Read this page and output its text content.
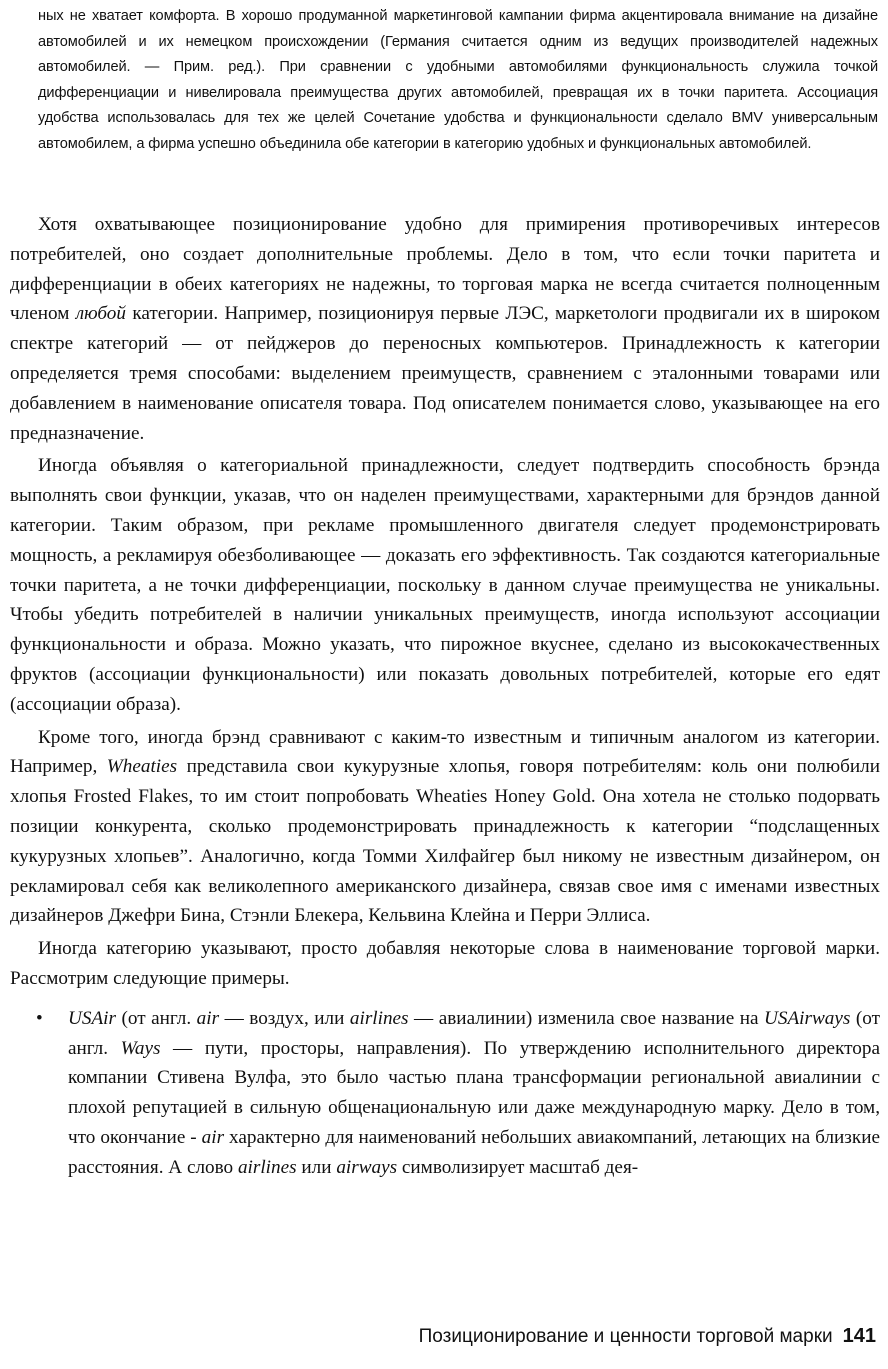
ных не хватает комфорта. В хорошо продуманной маркетинговой кампании фирма акцентировала внимание на дизайне автомобилей и их немецком происхождении (Германия считается одним из ведущих производителей надежных автомобилей. — Прим. ред.). При сравнении с удобными автомобилями функциональность служила точкой дифференциации и нивелировала преимущества других автомобилей, превращая их в точки паритета. Ассоциация удобства использовалась для тех же целей Сочетание удобства и функциональности сделало BMV универсальным автомобилем, а фирма успешно объединила обе категории в категорию удобных и функциональных автомобилей.

Хотя охватывающее позиционирование удобно для примирения противоречивых интересов потребителей, оно создает дополнительные проблемы. Дело в том, что если точки паритета и дифференциации в обеих категориях не надежны, то торговая марка не всегда считается полноценным членом любой категории. Например, позиционируя первые ЛЭС, маркетологи продвигали их в широком спектре категорий — от пейджеров до переносных компьютеров. Принадлежность к категории определяется тремя способами: выделением преимуществ, сравнением с эталонными товарами или добавлением в наименование описателя товара. Под описателем понимается слово, указывающее на его предназначение.

Иногда объявляя о категориальной принадлежности, следует подтвердить способность брэнда выполнять свои функции, указав, что он наделен преимуществами, характерными для брэндов данной категории. Таким образом, при рекламе промышленного двигателя следует продемонстрировать мощность, а рекламируя обезболивающее — доказать его эффективность. Так создаются категориальные точки паритета, а не точки дифференциации, поскольку в данном случае преимущества не уникальны. Чтобы убедить потребителей в наличии уникальных преимуществ, иногда используют ассоциации функциональности и образа. Можно указать, что пирожное вкуснее, сделано из высококачественных фруктов (ассоциации функциональности) или показать довольных потребителей, которые его едят (ассоциации образа).

Кроме того, иногда брэнд сравнивают с каким-то известным и типичным аналогом из категории. Например, Wheaties представила свои кукурузные хлопья, говоря потребителям: коль они полюбили хлопья Frosted Flakes, то им стоит попробовать Wheaties Honey Gold. Она хотела не столько подорвать позиции конкурента, сколько продемонстрировать принадлежность к категории “подслащенных кукурузных хлопьев”. Аналогично, когда Томми Хилфайгер был никому не известным дизайнером, он рекламировал себя как великолепного американского дизайнера, связав свое имя с именами известных дизайнеров Джефри Бина, Стэнли Блекера, Кельвина Клейна и Перри Эллиса.

Иногда категорию указывают, просто добавляя некоторые слова в наименование торговой марки. Рассмотрим следующие примеры.

• USAir (от англ. air — воздух, или airlines — авиалинии) изменила свое название на USAirways (от англ. Ways — пути, просторы, направления). По утверждению исполнительного директора компании Стивена Вулфа, это было частью плана трансформации региональной авиалинии с плохой репутацией в сильную общенациональную или даже международную марку. Дело в том, что окончание - air характерно для наименований небольших авиакомпаний, летающих на близкие расстояния. А слово airlines или airways символизирует масштаб дея-
Позиционирование и ценности торговой марки 141
